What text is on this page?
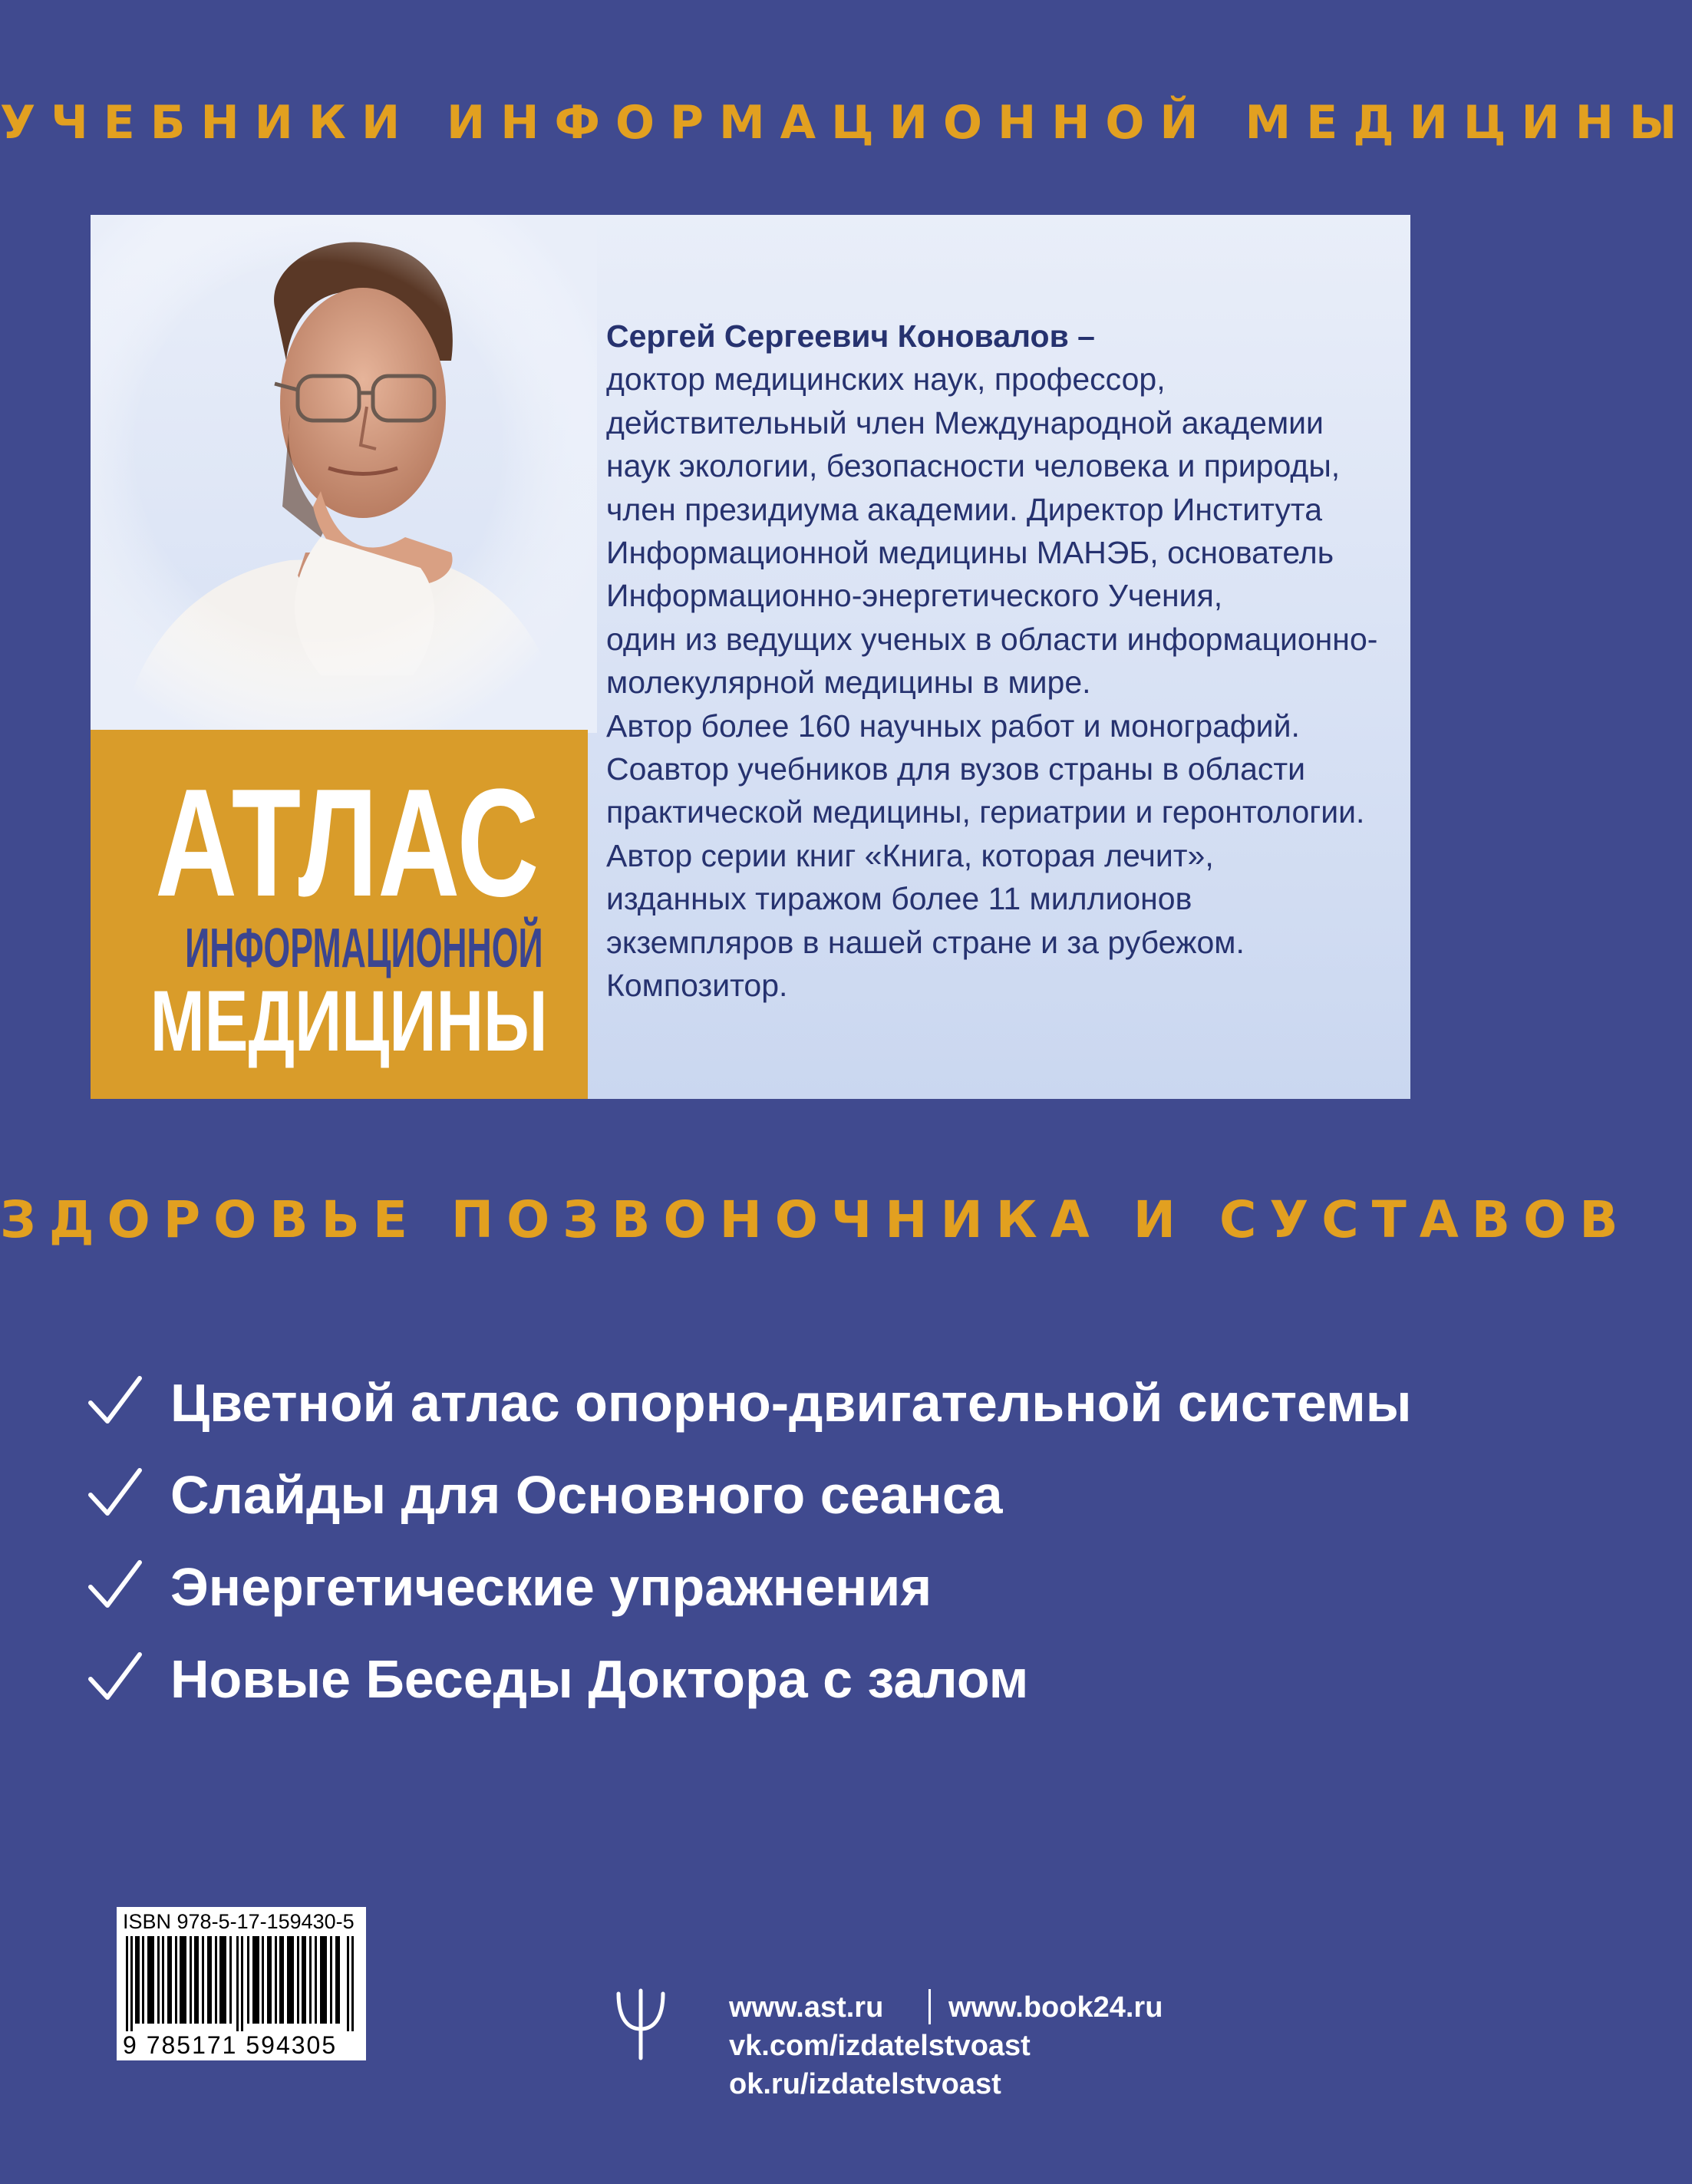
УЧЕБНИКИ ИНФОРМАЦИОННОЙ МЕДИЦИНЫ
Сергей Сергеевич Коновалов –
доктор медицинских наук, профессор,
действительный член Международной академии
наук экологии, безопасности человека и природы,
член президиума академии. Директор Института
Информационной медицины МАНЭБ, основатель
Информационно-энергетического Учения,
один из ведущих ученых в области информационно-
молекулярной медицины в мире.
Автор более 160 научных работ и монографий.
Соавтор учебников для вузов страны в области
практической медицины, гериатрии и геронтологии.
Автор серии книг «Книга, которая лечит»,
изданных тиражом более 11 миллионов
экземпляров в нашей стране и за рубежом.
Композитор.
АТЛАС
ИНФОРМАЦИОННОЙ
МЕДИЦИНЫ
ЗДОРОВЬЕ ПОЗВОНОЧНИКА И СУСТАВОВ
Цветной атлас опорно-двигательной системы
Слайды для Основного сеанса
Энергетические упражнения
Новые Беседы Доктора с залом
ISBN 978-5-17-159430-5
9 785171 594305
www.ast.ru www.book24.ru
vk.com/izdatelstvoast
ok.ru/izdatelstvoast
